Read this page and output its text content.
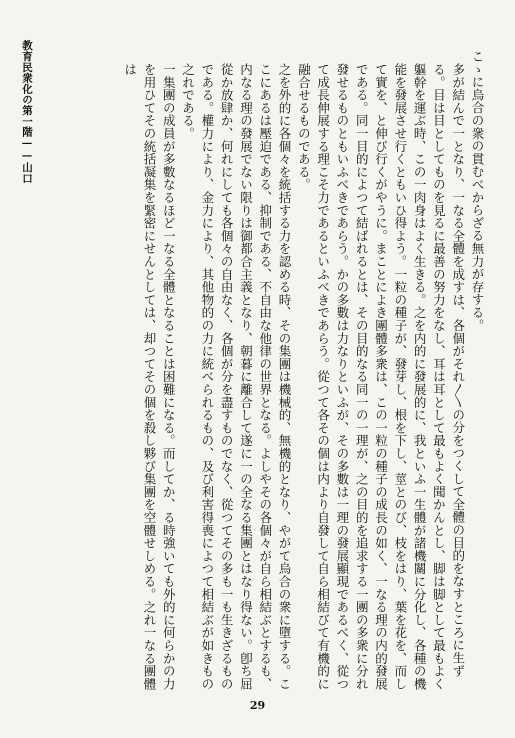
教育民衆化の第一階——山口	こゝに烏合の衆の貫むべからざる無力が存する。

多が結んで一となり、一なる全體を成すは、各個がそれ〳〵の分をつくして全體の目的をなすところに生ずる。目は目としてものを見るに最善の努力をなし、耳は耳として最もよく聞かんとし、脚は脚として最もよく軀幹を運ぶ時、この一肉身はよく生きる。之を内的に發展的に、我といふ一生體が諸機關に分化し、各種の機能を發展させ行くともいひ得よう。一粒の種子が、發芽し、根を下し、莖とのび、枝をはり、葉を花を、而して實を、と伸び行くがやうに。まことによき團體多衆は、この一粒の種子の成長の如く、一なる理の内的發展である。同一目的によつて結ばれるとは、その目的なる同一の一理が、之の目的を追求する一團の多衆に分れ發せるものともいふべきであらう。かの多數は力なりといふが、その多數は一理の發展顯現であるべく、從つて成長伸展する理こそ力であるといふべきであらう。從つて各その個は内より自發して自ら相結びて有機的に融合せるものである。

之を外的に各個々を統括する力を認める時、その集團は機械的、無機的となり、やがて烏合の衆に墮する。ここにあるは壓迫である、抑制である、不自由な他律の世界となる。よしやその各個々が自ら相結ぶとするも、内なる理の發展でない限りは御都合主義となり、朝暮に離合して遂に一の全なる集團とはなり得ない。卽ち屈從か放肆か、何れにしても各個々の自由なく、各個が分を盡すものでなく、從つてその多も一も生きざるものである。權力により、金力により、其他物的の力に統べられるもの、及び利害得喪によつて相結ぶが如きもの之れである。

一集團の成員が多數なるほど一なる全體となることは困難になる。而してか、る時強いても外的に何らかの力を用ひてその統括凝集を緊密にせんとしては、却つてその個を殺し夥び集團を空體せしめる。之れ一なる團體は

29
